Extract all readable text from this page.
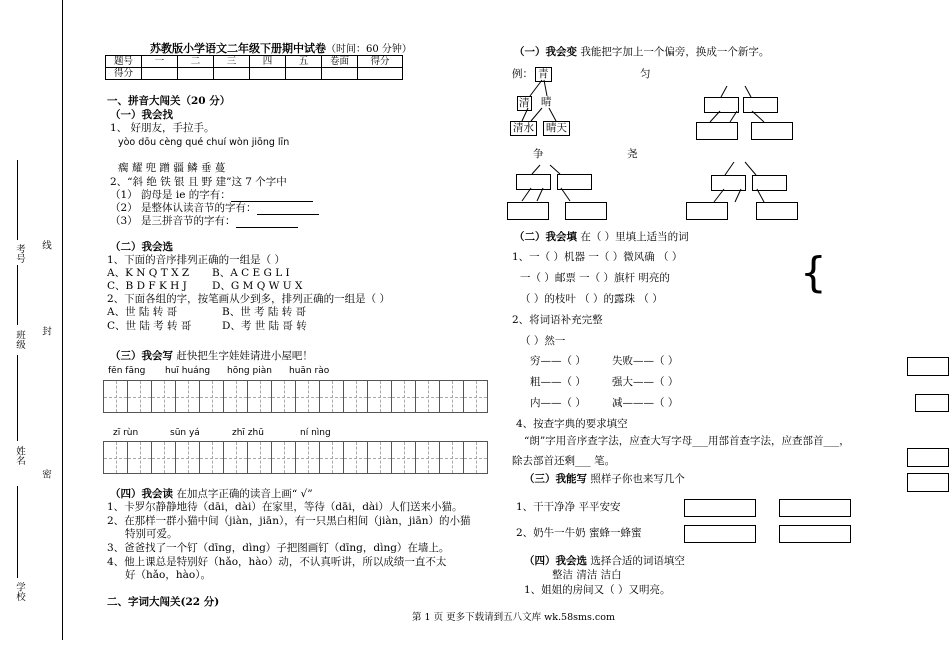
学校
密
姓名
封
班级
考号 线
苏教版小学语文二年级下册期中试卷（时间：60 分钟）
题号	一	二	三	四	五	卷面	得分
得分							
一、拼音大闯关（20 分）
（一）我会找
1、 好朋友，手拉手。
yòo dōu cèng qué chuí wòn jiōng līn
瘸 耀 兜 蹭 疆 鳞 垂 蔓
2、“斜 绝 铁 银 且 野 建”这 7 个字中
（1） 韵母是 ie 的字有：
（2） 是整体认读音节的字有：
（3） 是三拼音节的字有：
（二）我会选
1、下面的音序排列正确的一组是（ ）
A、K N Q T X Z B、A C E G L I
C、B D F K H J D、G M Q W U X
2、下面各组的字，按笔画从少到多，排列正确的一组是（ ）
A、世 陆 转 哥	B、世 考 陆 转 哥
C、世 陆 考 转 哥	D、考 世 陆 哥 转
（三）我会写 赶快把生字娃娃请进小屋吧！
fēn fāng huī huáng hōng piàn huān rào
zī rùn	sūn yá	zhī zhū	ní nìng
（四）我会读 在加点字正确的读音上画“ √”
1、卡罗尔静静地待（dāi，dài）在家里，等待（dāi，dài）人们送来小猫。
2、在那样一群小猫中间（jiàn，jiān），有一只黑白相间（jiàn，jiān）的小猫
特别可爱。
3、爸爸找了一个钉（dīng，dìng）子把图画钉（dīng，dìng）在墙上。
4、他上课总是特别好（hǎo，hào）动，不认真听讲，所以成绩一直不太
好（hǎo，hào）。
二、字词大闯关(22 分)
（一）我会变 我能把字加上一个偏旁，换成一个新字。
例： 青	匀
清 晴
清水 晴天
争	尧
（二）我会填 在（ ）里填上适当的词
1、一（ ）机器 一（ ）微风确 （ ）
一（ ）邮票 一（ ）旗杆 明亮的
（ ）的枝叶 （ ）的露珠 （ ）
{
2、将词语补充完整
（ ）然一
穷——（ ） 失败——（ ）
粗——（ ） 强大——（ ）
内——（ ） 减———（ ）
4、按查字典的要求填空
“朗”字用音序查字法，应查大写字母___用部首查字法，应查部首___，
除去部首还剩___ 笔。
（三）我能写 照样子你也来写几个
1、干干净净 平平安安
2、奶牛一牛奶 蜜蜂一蜂蜜
（四）我会选 选择合适的词语填空
整洁 清洁 洁白
1、姐姐的房间又（ ）又明亮。
第 1 页 更多下载请到五八文库 wk.58sms.com
